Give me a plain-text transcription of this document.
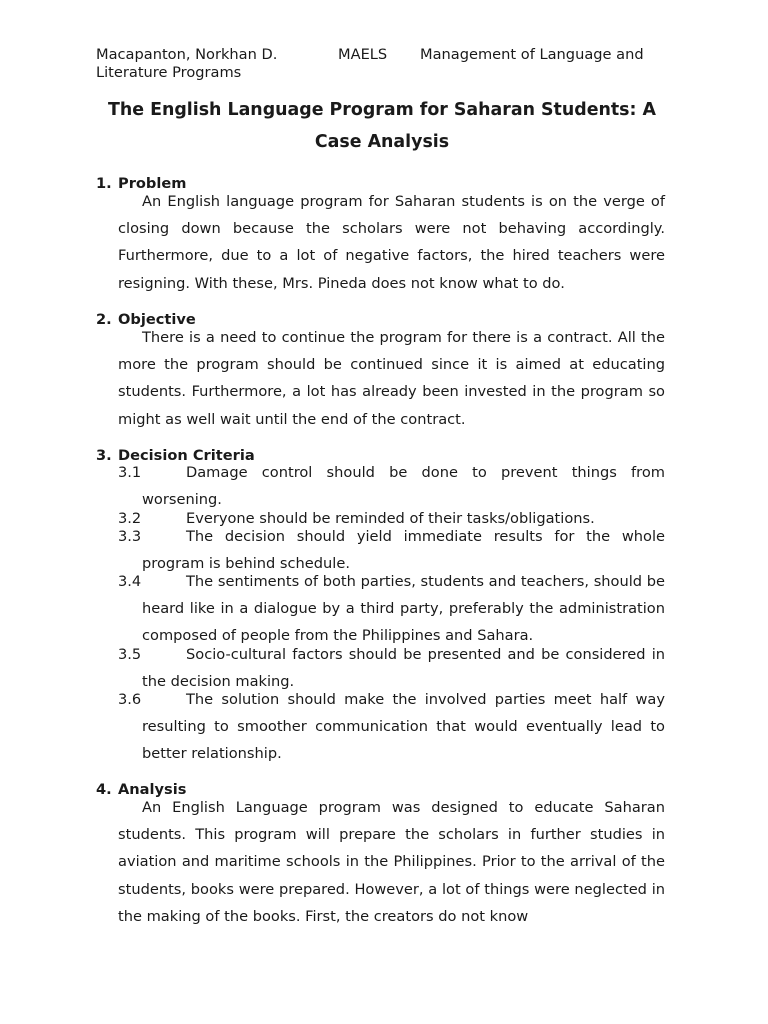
Macapanton, Norkhan D.	MAELS Management of Language and Literature Programs
The English Language Program for Saharan Students: A Case Analysis
1. Problem

An English language program for Saharan students is on the verge of closing down because the scholars were not behaving accordingly. Furthermore, due to a lot of negative factors, the hired teachers were resigning. With these, Mrs. Pineda does not know what to do.

2. Objective

There is a need to continue the program for there is a contract. All the more the program should be continued since it is aimed at educating students. Furthermore, a lot has already been invested in the program so might as well wait until the end of the contract.

3. Decision Criteria
3.1	Damage control should be done to prevent things from worsening.
3.2	Everyone should be reminded of their tasks/obligations.
3.3	The decision should yield immediate results for the whole program is behind schedule.
3.4	The sentiments of both parties, students and teachers, should be heard like in a dialogue by a third party, preferably the administration composed of people from the Philippines and Sahara.
3.5	Socio-cultural factors should be presented and be considered in the decision making.
3.6	The solution should make the involved parties meet half way resulting to smoother communication that would eventually lead to better relationship.
4. Analysis

An English Language program was designed to educate Saharan students. This program will prepare the scholars in further studies in aviation and maritime schools in the Philippines. Prior to the arrival of the students, books were prepared. However, a lot of things were neglected in the making of the books. First, the creators do not know
